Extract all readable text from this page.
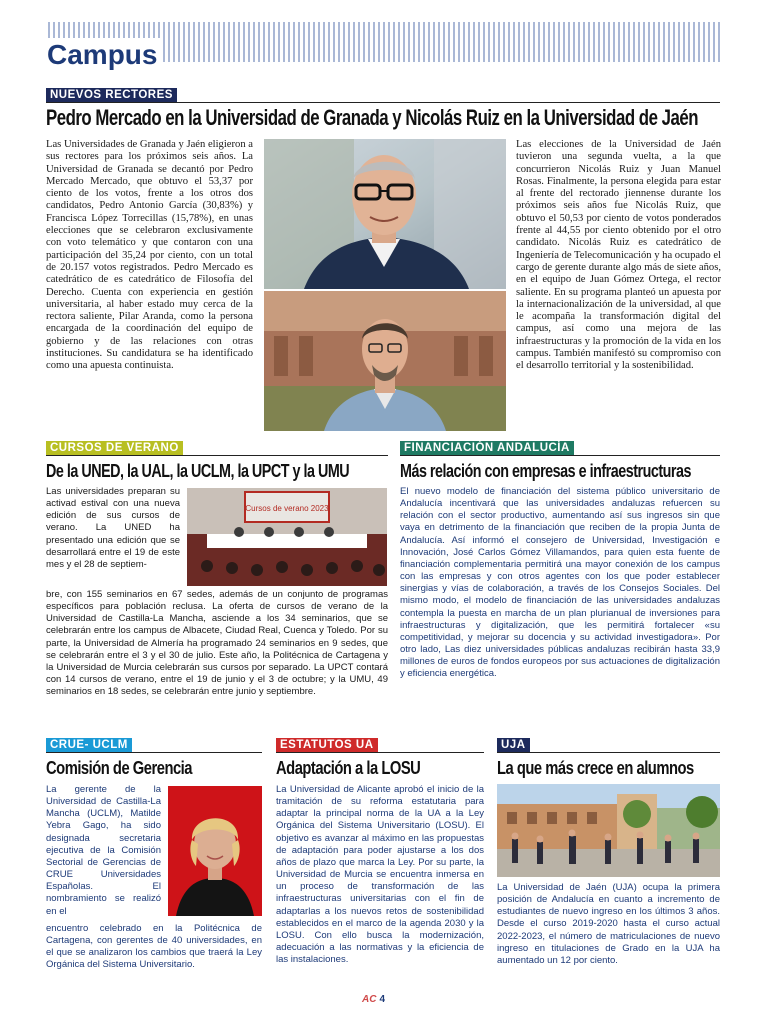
Campus
NUEVOS RECTORES
Pedro Mercado en la Universidad de Granada y Nicolás Ruiz en la Universidad de Jaén
Las Universidades de Granada y Jaén eligieron a sus rectores para los próximos seis años. La Universidad de Granada se decantó por Pedro Mercado Mercado, que obtuvo el 53,37 por ciento de los votos, frente a los otros dos candidatos, Pedro Antonio García (30,83%) y Francisca López Torrecillas (15,78%), en unas elecciones que se celebraron exclusivamente con voto telemático y que contaron con una participación del 35,24 por ciento, con un total de 20.157 votos registrados. Pedro Mercado es catedrático de es catedrático de Filosofía del Derecho. Cuenta con experiencia en gestión universitaria, al haber estado muy cerca de la rectora saliente, Pilar Aranda, como la persona encargada de la coordinación del equipo de gobierno y de las relaciones con otras instituciones. Su candidatura se ha identificado como una apuesta continuista.
Las elecciones de la Universidad de Jaén tuvieron una segunda vuelta, a la que concurrieron Nicolás Ruiz y Juan Manuel Rosas. Finalmente, la persona elegida para estar al frente del rectorado jiennense durante los próximos seis años fue Nicolás Ruiz, que obtuvo el 50,53 por ciento de votos ponderados frente al 44,55 por ciento obtenido por el otro candidato. Nicolás Ruiz es catedrático de Ingeniería de Telecomunicación y ha ocupado el cargo de gerente durante algo más de siete años, en el equipo de Juan Gómez Ortega, el rector saliente. En su programa planteó un apuesta por la internacionalización de la universidad, al que le acompaña la transformación digital del campus, así como una mejora de las infraestructuras y la promoción de la vida en los campus. También manifestó su compromiso con el desarrollo territorial y la sostenibilidad.
CURSOS DE VERANO
De la UNED, la UAL, la UCLM, la UPCT y la UMU
Las universidades preparan su activad estival con una nueva edición de sus cursos de verano. La UNED ha presentado una edición que se desarrollará entre el 19 de este mes y el 28 de septiem-
Cursos de verano 2023
bre, con 155 seminarios en 67 sedes, además de un conjunto de programas específicos para población reclusa. La oferta de cursos de verano de la Universidad de Castilla-La Mancha, asciende a los 34 seminarios, que se celebrarán entre los campus de Albacete, Ciudad Real, Cuenca y Toledo. Por su parte, la Universidad de Almería ha programado 24 seminarios en 9 sedes, que se celebrarán entre el 3 y el 30 de julio. Este año, la Politécnica de Cartagena y la Universidad de Murcia celebrarán sus cursos por separado. La UPCT contará con 14 cursos de verano, entre el 19 de junio y el 3 de octubre; y la UMU, 49 seminarios en 18 sedes, se celebrarán entre junio y septiembre.
FINANCIACIÓN ANDALUCÍA
Más relación con empresas e infraestructuras
El nuevo modelo de financiación del sistema público universitario de Andalucía incentivará que las universidades andaluzas refuercen su relación con el sector productivo, aumentando así sus ingresos sin que vaya en detrimento de la financiación que reciben de la propia Junta de Andalucía. Así informó el consejero de Universidad, Investigación e Innovación, José Carlos Gómez Villamandos, para quien esta fuente de financiación complementaria permitirá una mayor conexión de los campus con las empresas y con otros agentes con los que poder establecer sinergias y vías de colaboración, a través de los Consejos Sociales. Del mismo modo, el modelo de financiación de las universidades andaluzas contempla la puesta en marcha de un plan plurianual de inversiones para infraestructuras y digitalización, que les permitirá fortalecer «su competitividad, y mejorar su docencia y su actividad investigadora». Por otro lado, Las diez universidades públicas andaluzas recibirán hasta 33,9 millones de euros de fondos europeos por sus actuaciones de digitalización y eficiencia energética.
CRUE- UCLM
Comisión de Gerencia
La gerente de la Universidad de Castilla-La Mancha (UCLM), Matilde Yebra Gago, ha sido designada secretaria ejecutiva de la Comisión Sectorial de Gerencias de CRUE Universidades Españolas. El nombramiento se realizó en el
encuentro celebrado en la Politécnica de Cartagena, con gerentes de 40 universidades, en el que se analizaron los cambios que traerá la Ley Orgánica del Sistema Universitario.
ESTATUTOS UA
Adaptación a la LOSU
La Universidad de Alicante aprobó el inicio de la tramitación de su reforma estatutaria para adaptar la principal norma de la UA a la Ley Orgánica del Sistema Universitario (LOSU). El objetivo es avanzar al máximo en las propuestas de adaptación para poder ajustarse a los dos años de plazo que marca la Ley. Por su parte, la Universidad de Murcia se encuentra inmersa en un proceso de transformación de las infraestructuras universitarias con el fin de adaptarlas a los nuevos retos de sostenibilidad establecidos en el marco de la agenda 2030 y la LOSU. Con ello busca la modernización, adecuación a las normativas y la eficiencia de las instalaciones.
UJA
La que más crece en alumnos
La Universidad de Jaén (UJA) ocupa la primera posición de Andalucía en cuanto a incremento de estudiantes de nuevo ingreso en los últimos 3 años. Desde el curso 2019-2020 hasta el curso actual 2022-2023, el número de matriculaciones de nuevo ingreso en titulaciones de Grado en la UJA ha aumentado un 12 por ciento.
AC 4
